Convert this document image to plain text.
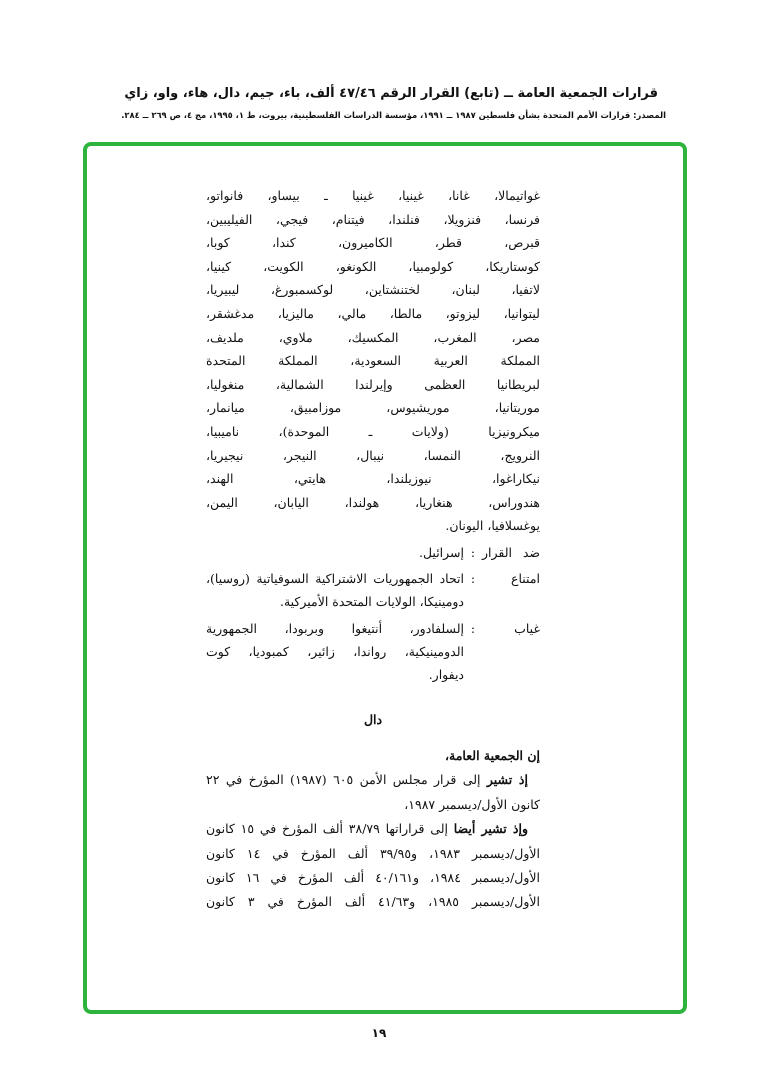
قرارات الجمعية العامة ــ (تابع) القرار الرقم ٤٧/٤٦ ألف، باء، جيم، دال، هاء، واو، زاي
المصدر: قرارات الأمم المتحدة بشأن فلسطين ١٩٨٧ ــ ١٩٩١، مؤسسة الدراسات الفلسطينية، بيروت، ط ١، ١٩٩٥، مج ٤، ص ٢٦٩ ــ ٢٨٤.
غواتيمالا، غانا، غينيا، غينيا ـ بيساو، فانواتو،
فرنسا، فنزويلا، فنلندا، فيتنام، فيجي، الفيليبين،
قبرص، قطر، الكاميرون، كندا، كوبا،
كوستاريكا، كولومبيا، الكونغو، الكويت، كينيا،
لاتفيا، لبنان، لختنشتاين، لوكسمبورغ، ليبيريا،
ليتوانيا، ليزوتو، مالطا، مالي، ماليزيا، مدغشقر،
مصر، المغرب، المكسيك، ملاوي، ملديف،
المملكة العربية السعودية، المملكة المتحدة
لبريطانيا العظمى وإيرلندا الشمالية، منغوليا،
موريتانيا، موريشيوس، موزامبيق، ميانمار،
ميكرونيزيا (ولايات ـ الموحدة)، ناميبيا،
النرويج، النمسا، نيبال، النيجر، نيجيريا،
نيكاراغوا، نيوزيلندا، هايتي، الهند،
هندوراس، هنغاريا، هولندا، اليابان، اليمن،
يوغسلافيا، اليونان.
ضد القرار
:
إسرائيل.
امتناع
:
اتحاد الجمهوريات الاشتراكية السوفياتية (روسيا)،
دومينيكا، الولايات المتحدة الأميركية.
غياب
:
إلسلفادور، أنتيغوا وبربودا، الجمهورية
الدومينيكية، رواندا، زائير، كمبوديا، كوت
ديفوار.
دال
إن الجمعية العامة،
إذ تشير إلى قرار مجلس الأمن ٦٠٥ (١٩٨٧) المؤرخ في ٢٢
كانون الأول/ديسمبر ١٩٨٧،
وإذ تشير أيضا إلى قراراتها ٣٨/٧٩ ألف المؤرخ في ١٥ كانون
الأول/ديسمبر ١٩٨٣، و٣٩/٩٥ ألف المؤرخ في ١٤ كانون
الأول/ديسمبر ١٩٨٤، و٤٠/١٦١ ألف المؤرخ في ١٦ كانون
الأول/ديسمبر ١٩٨٥، و٤١/٦٣ ألف المؤرخ في ٣ كانون
١٩
